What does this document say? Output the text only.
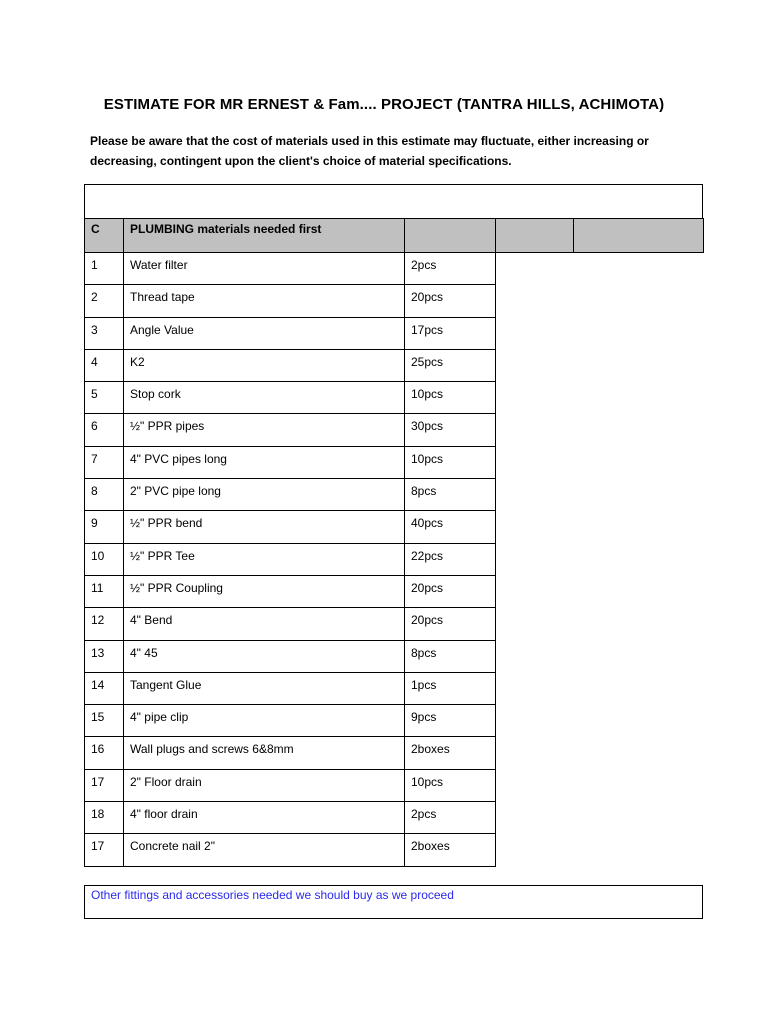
ESTIMATE FOR MR ERNEST & Fam.... PROJECT (TANTRA HILLS, ACHIMOTA)

Please be aware that the cost of materials used in this estimate may fluctuate, either increasing or

decreasing, contingent upon the client's choice of material specifications.

C	PLUMBING materials needed first			
1	Water filter	2pcs		
2	Thread tape	20pcs		
3	Angle Value	17pcs		
4	K2	25pcs		
5	Stop cork	10pcs		
6	½" PPR pipes	30pcs		
7	4" PVC pipes long	10pcs		
8	2" PVC pipe long	8pcs		
9	½" PPR bend	40pcs		
10	½" PPR Tee	22pcs		
11	½" PPR Coupling	20pcs		
12	4" Bend	20pcs		
13	4" 45	8pcs		
14	Tangent Glue	1pcs		
15	4" pipe clip	9pcs		
16	Wall plugs and screws 6&8mm	2boxes		
17	2" Floor drain	10pcs		
18	4" floor drain	2pcs		
17	Concrete nail 2"	2boxes		
Other fittings and accessories needed we should buy as we proceed
